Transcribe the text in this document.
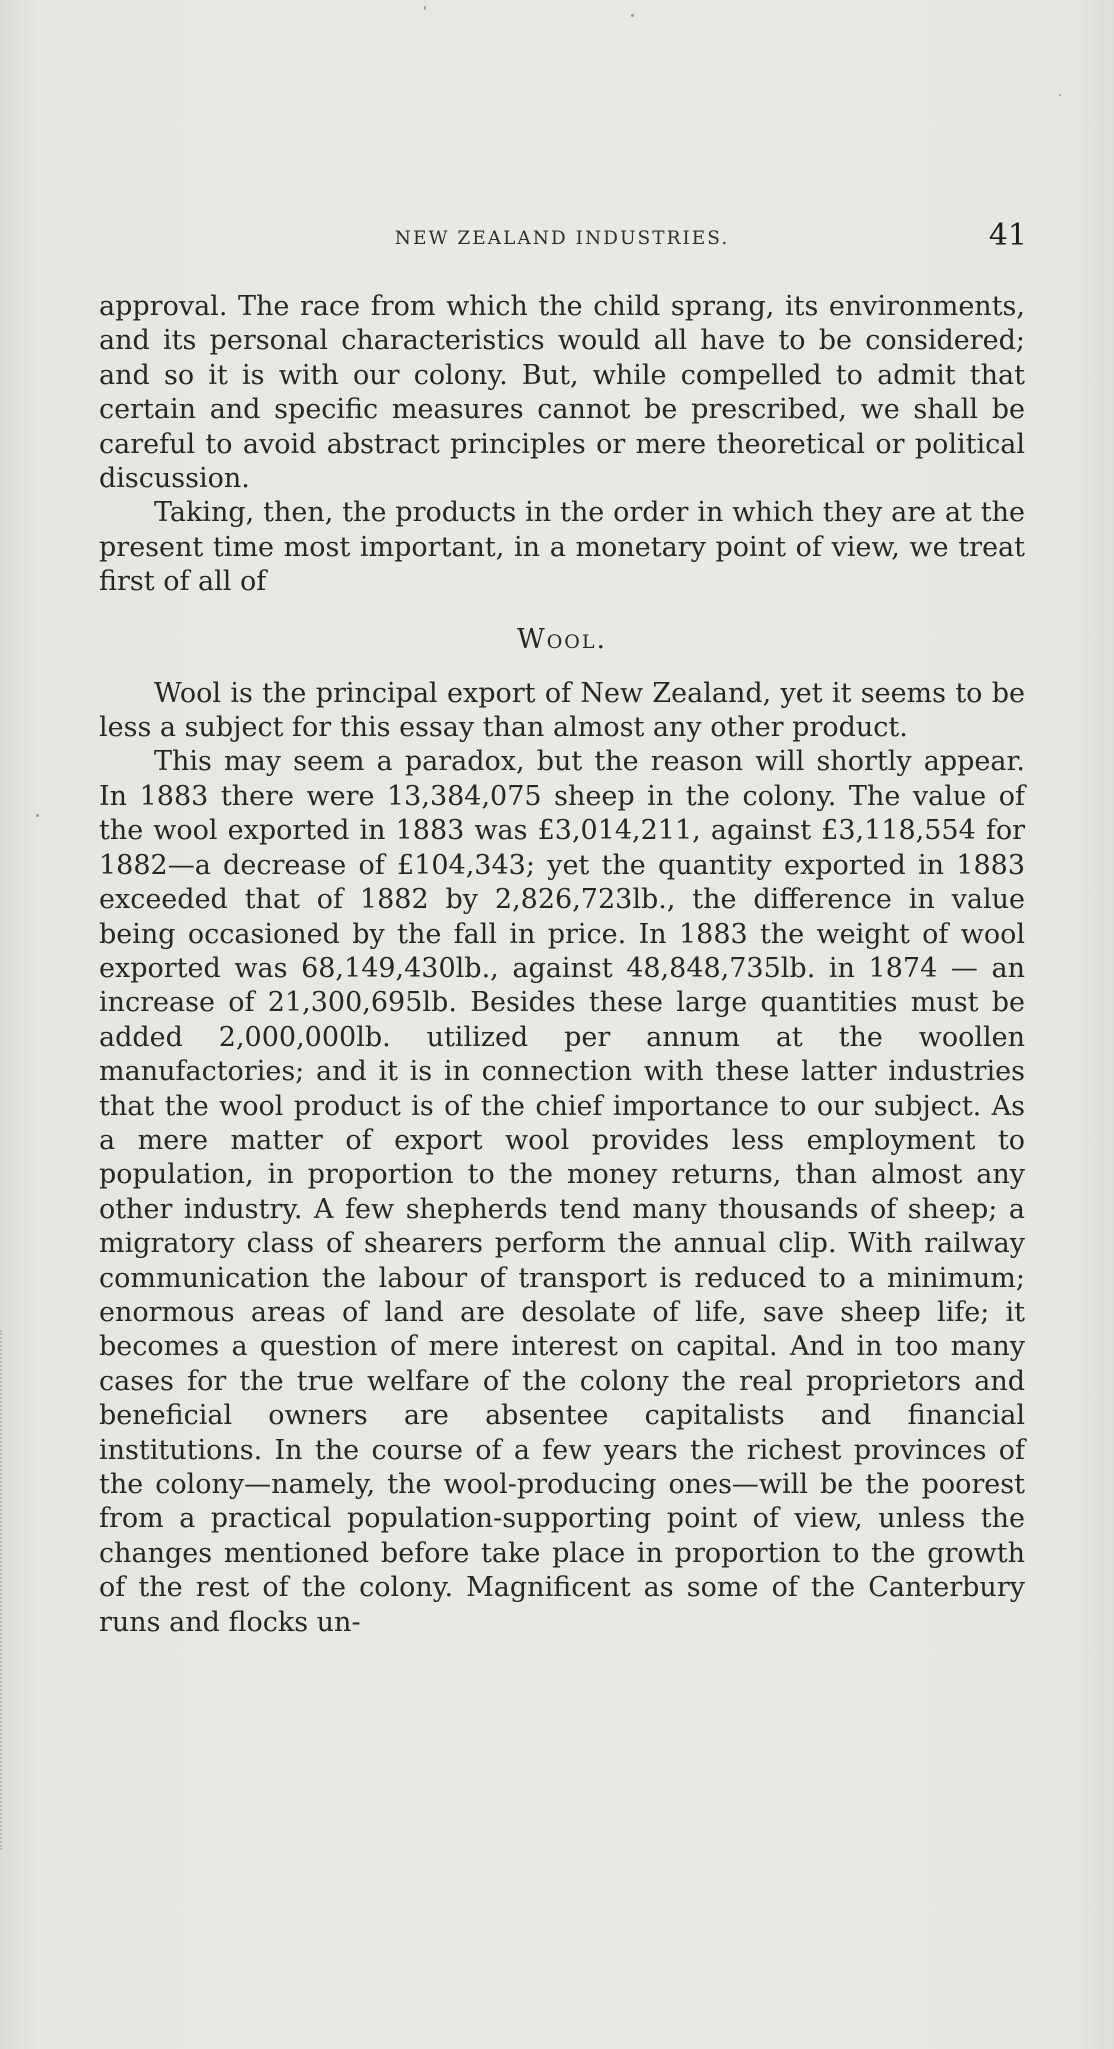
NEW ZEALAND INDUSTRIES.	41

approval. The race from which the child sprang, its environments, and its personal characteristics would all have to be considered; and so it is with our colony. But, while compelled to admit that certain and specific measures cannot be prescribed, we shall be careful to avoid abstract principles or mere theoretical or political discussion.

Taking, then, the products in the order in which they are at the present time most important, in a monetary point of view, we treat first of all of

Wool.

Wool is the principal export of New Zealand, yet it seems to be less a subject for this essay than almost any other product.

This may seem a paradox, but the reason will shortly appear. In 1883 there were 13,384,075 sheep in the colony. The value of the wool exported in 1883 was £3,014,211, against £3,118,554 for 1882—a decrease of £104,343; yet the quantity exported in 1883 exceeded that of 1882 by 2,826,723lb., the difference in value being occasioned by the fall in price. In 1883 the weight of wool exported was 68,149,430lb., against 48,848,735lb. in 1874 — an increase of 21,300,695lb. Besides these large quantities must be added 2,000,000lb. utilized per annum at the woollen manufactories; and it is in connection with these latter industries that the wool product is of the chief importance to our subject. As a mere matter of export wool provides less employment to population, in proportion to the money returns, than almost any other industry. A few shepherds tend many thousands of sheep; a migratory class of shearers perform the annual clip. With railway communication the labour of transport is reduced to a minimum; enormous areas of land are desolate of life, save sheep life; it becomes a question of mere interest on capital. And in too many cases for the true welfare of the colony the real proprietors and beneficial owners are absentee capitalists and financial institutions. In the course of a few years the richest provinces of the colony—namely, the wool-producing ones—will be the poorest from a practical population-supporting point of view, unless the changes mentioned before take place in proportion to the growth of the rest of the colony. Magnificent as some of the Canterbury runs and flocks un-
